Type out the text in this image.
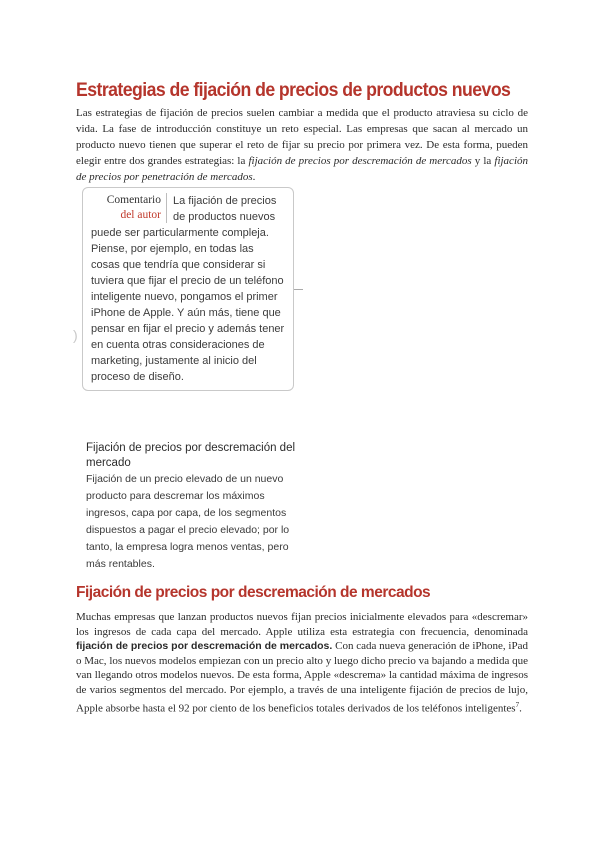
Estrategias de fijación de precios de productos nuevos

Las estrategias de fijación de precios suelen cambiar a medida que el producto atraviesa su ciclo de vida. La fase de introducción constituye un reto especial. Las empresas que sacan al mercado un producto nuevo tienen que superar el reto de fijar su precio por primera vez. De esta forma, pueden elegir entre dos grandes estrategias: la fijación de precios por descremación de mercados y la fijación de precios por penetración de mercados.

Comentario
del autor
La fijación de precios de productos nuevos puede ser particularmente compleja. Piense, por ejemplo, en todas las cosas que tendría que considerar si tuviera que fijar el precio de un teléfono inteligente nuevo, pongamos el primer iPhone de Apple. Y aún más, tiene que pensar en fijar el precio y además tener en cuenta otras consideraciones de marketing, justamente al inicio del proceso de diseño.
)

Fijación de precios por descremación del mercado

Fijación de un precio elevado de un nuevo producto para descremar los máximos ingresos, capa por capa, de los segmentos dispuestos a pagar el precio elevado; por lo tanto, la empresa logra menos ventas, pero más rentables.

Fijación de precios por descremación de mercados

Muchas empresas que lanzan productos nuevos fijan precios inicialmente elevados para «descremar» los ingresos de cada capa del mercado. Apple utiliza esta estrategia con frecuencia, denominada fijación de precios por descremación de mercados. Con cada nueva generación de iPhone, iPad o Mac, los nuevos modelos empiezan con un precio alto y luego dicho precio va bajando a medida que van llegando otros modelos nuevos. De esta forma, Apple «descrema» la cantidad máxima de ingresos de varios segmentos del mercado. Por ejemplo, a través de una inteligente fijación de precios de lujo, Apple absorbe hasta el 92 por ciento de los beneficios totales derivados de los teléfonos inteligentes$^7$.
